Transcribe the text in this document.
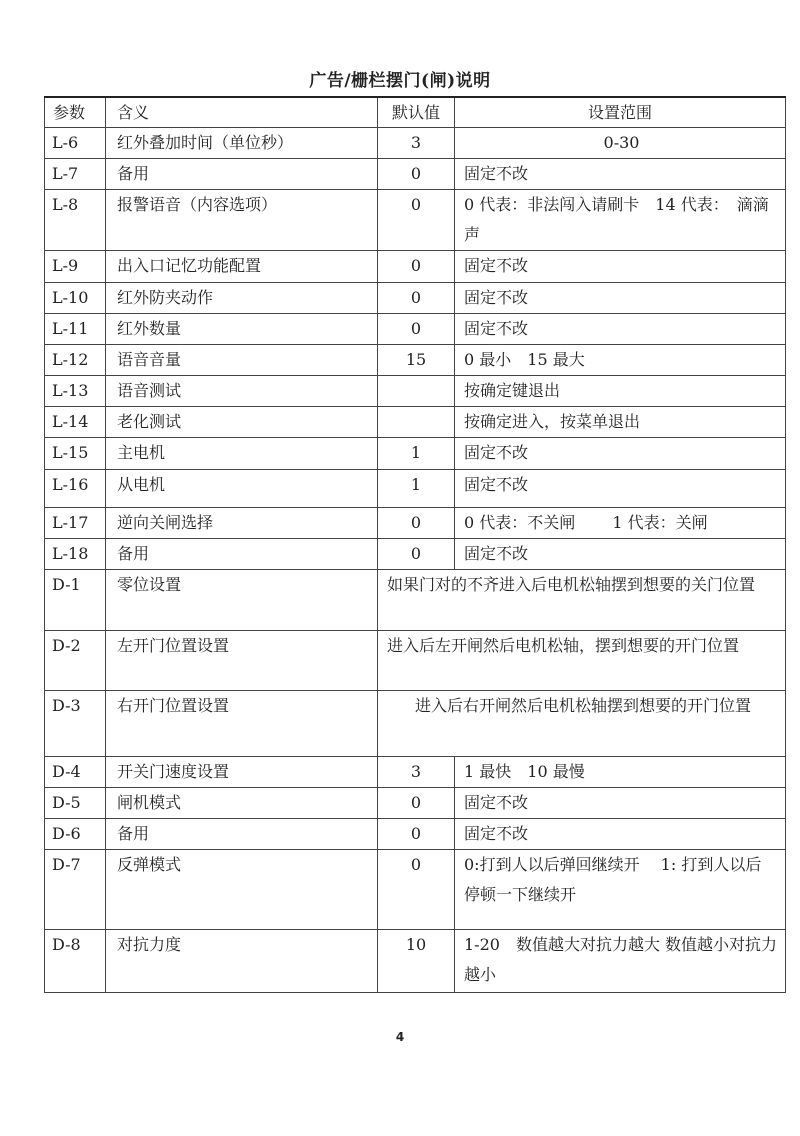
广告/栅栏摆门(闸)说明
参数	含义	默认值	设置范围
L-6	红外叠加时间（单位秒）	3	0-30
L-7	备用	0	固定不改
L-8	报警语音（内容选项）	0	0 代表：非法闯入请刷卡　14 代表：　滴滴声
L-9	出入口记忆功能配置	0	固定不改
L-10	红外防夹动作	0	固定不改
L-11	红外数量	0	固定不改
L-12	语音音量	15	0 最小　15 最大
L-13	语音测试		按确定键退出
L-14	老化测试		按确定进入，按菜单退出
L-15	主电机	1	固定不改
L-16	从电机	1	固定不改
L-17	逆向关闸选择	0	0 代表：不关闸　　 1 代表：关闸
L-18	备用	0	固定不改
D-1	零位设置	如果门对的不齐进入后电机松轴摆到想要的关门位置	
D-2	左开门位置设置	进入后左开闸然后电机松轴，摆到想要的开门位置	
D-3	右开门位置设置	进入后右开闸然后电机松轴摆到想要的开门位置	
D-4	开关门速度设置	3	1 最快　10 最慢
D-5	闸机模式	0	固定不改
D-6	备用	0	固定不改
D-7	反弹模式	0	0:打到人以后弹回继续开　 1: 打到人以后 停顿一下继续开
D-8	对抗力度	10	1-20　数值越大对抗力越大 数值越小对抗力越小
4
